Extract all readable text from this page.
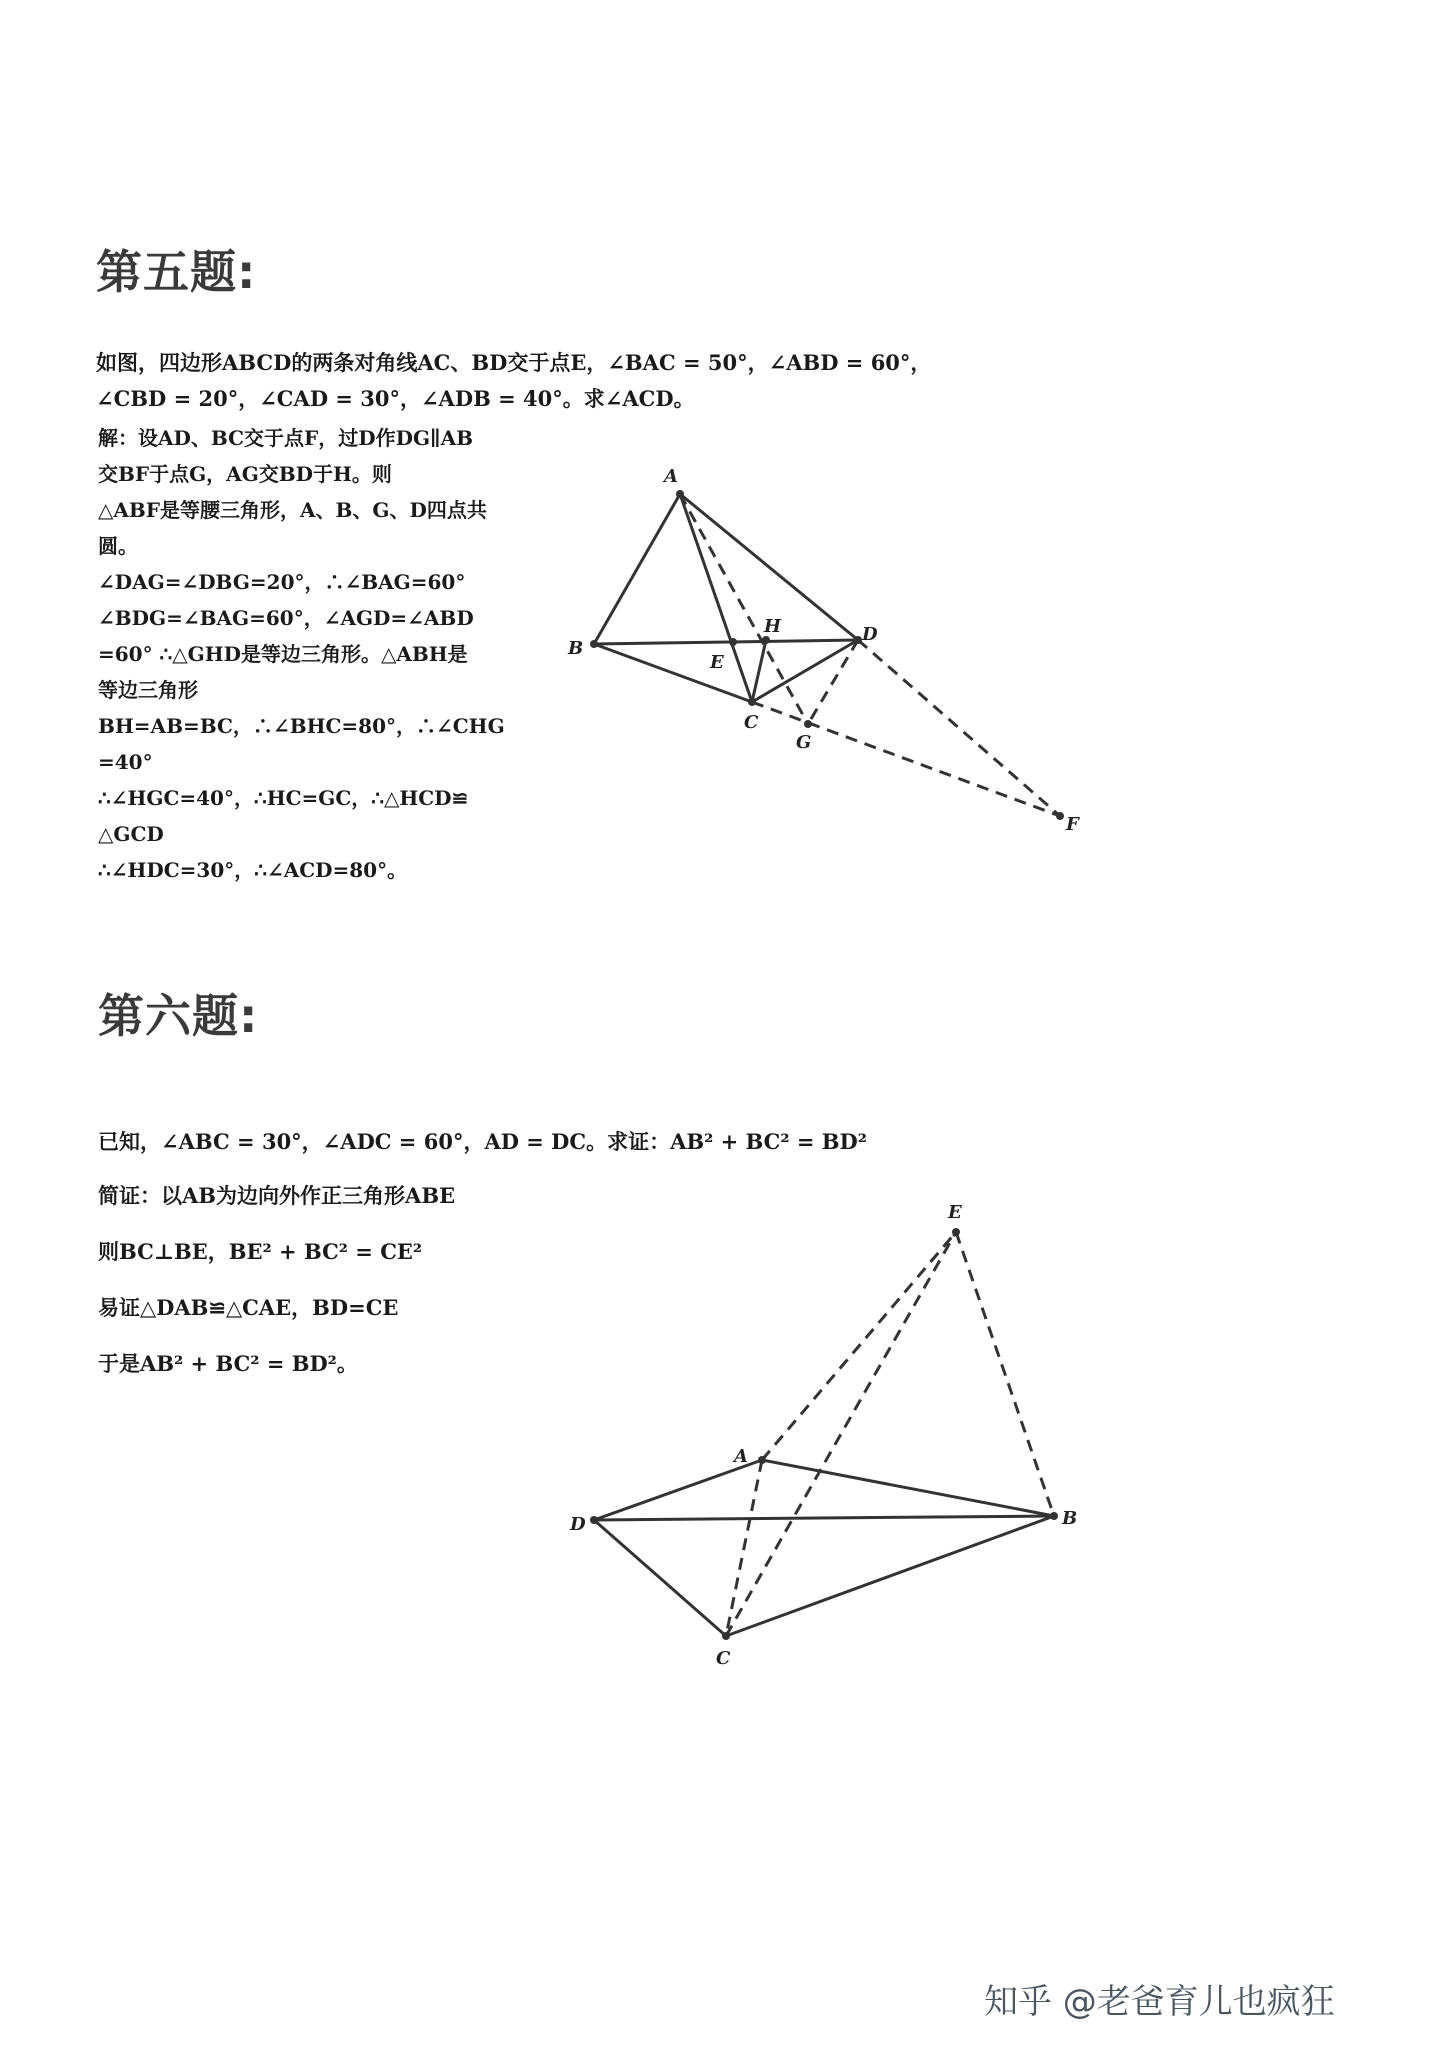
第五题:
如图，四边形ABCD的两条对角线AC、BD交于点E，∠BAC = 50°，∠ABD = 60°，
∠CBD = 20°，∠CAD = 30°，∠ADB = 40°。求∠ACD。
解：设AD、BC交于点F，过D作DG∥AB
交BF于点G，AG交BD于H。则
△ABF是等腰三角形，A、B、G、D四点共
圆。
∠DAG=∠DBG=20°，∴∠BAG=60°
∠BDG=∠BAG=60°，∠AGD=∠ABD
=60° ∴△GHD是等边三角形。△ABH是
等边三角形
BH=AB=BC，∴∠BHC=80°，∴∠CHG
=40°
∴∠HGC=40°，∴HC=GC，∴△HCD≌
△GCD
∴∠HDC=30°，∴∠ACD=80°。
A
B
C
D
E
F
G
H
第六题:
已知，∠ABC = 30°，∠ADC = 60°，AD = DC。求证：AB² + BC² = BD²
简证：以AB为边向外作正三角形ABE
则BC⊥BE，BE² + BC² = CE²
易证△DAB≌△CAE，BD=CE
于是AB² + BC² = BD²。
A
B
C
D
E
知乎 @老爸育儿也疯狂
